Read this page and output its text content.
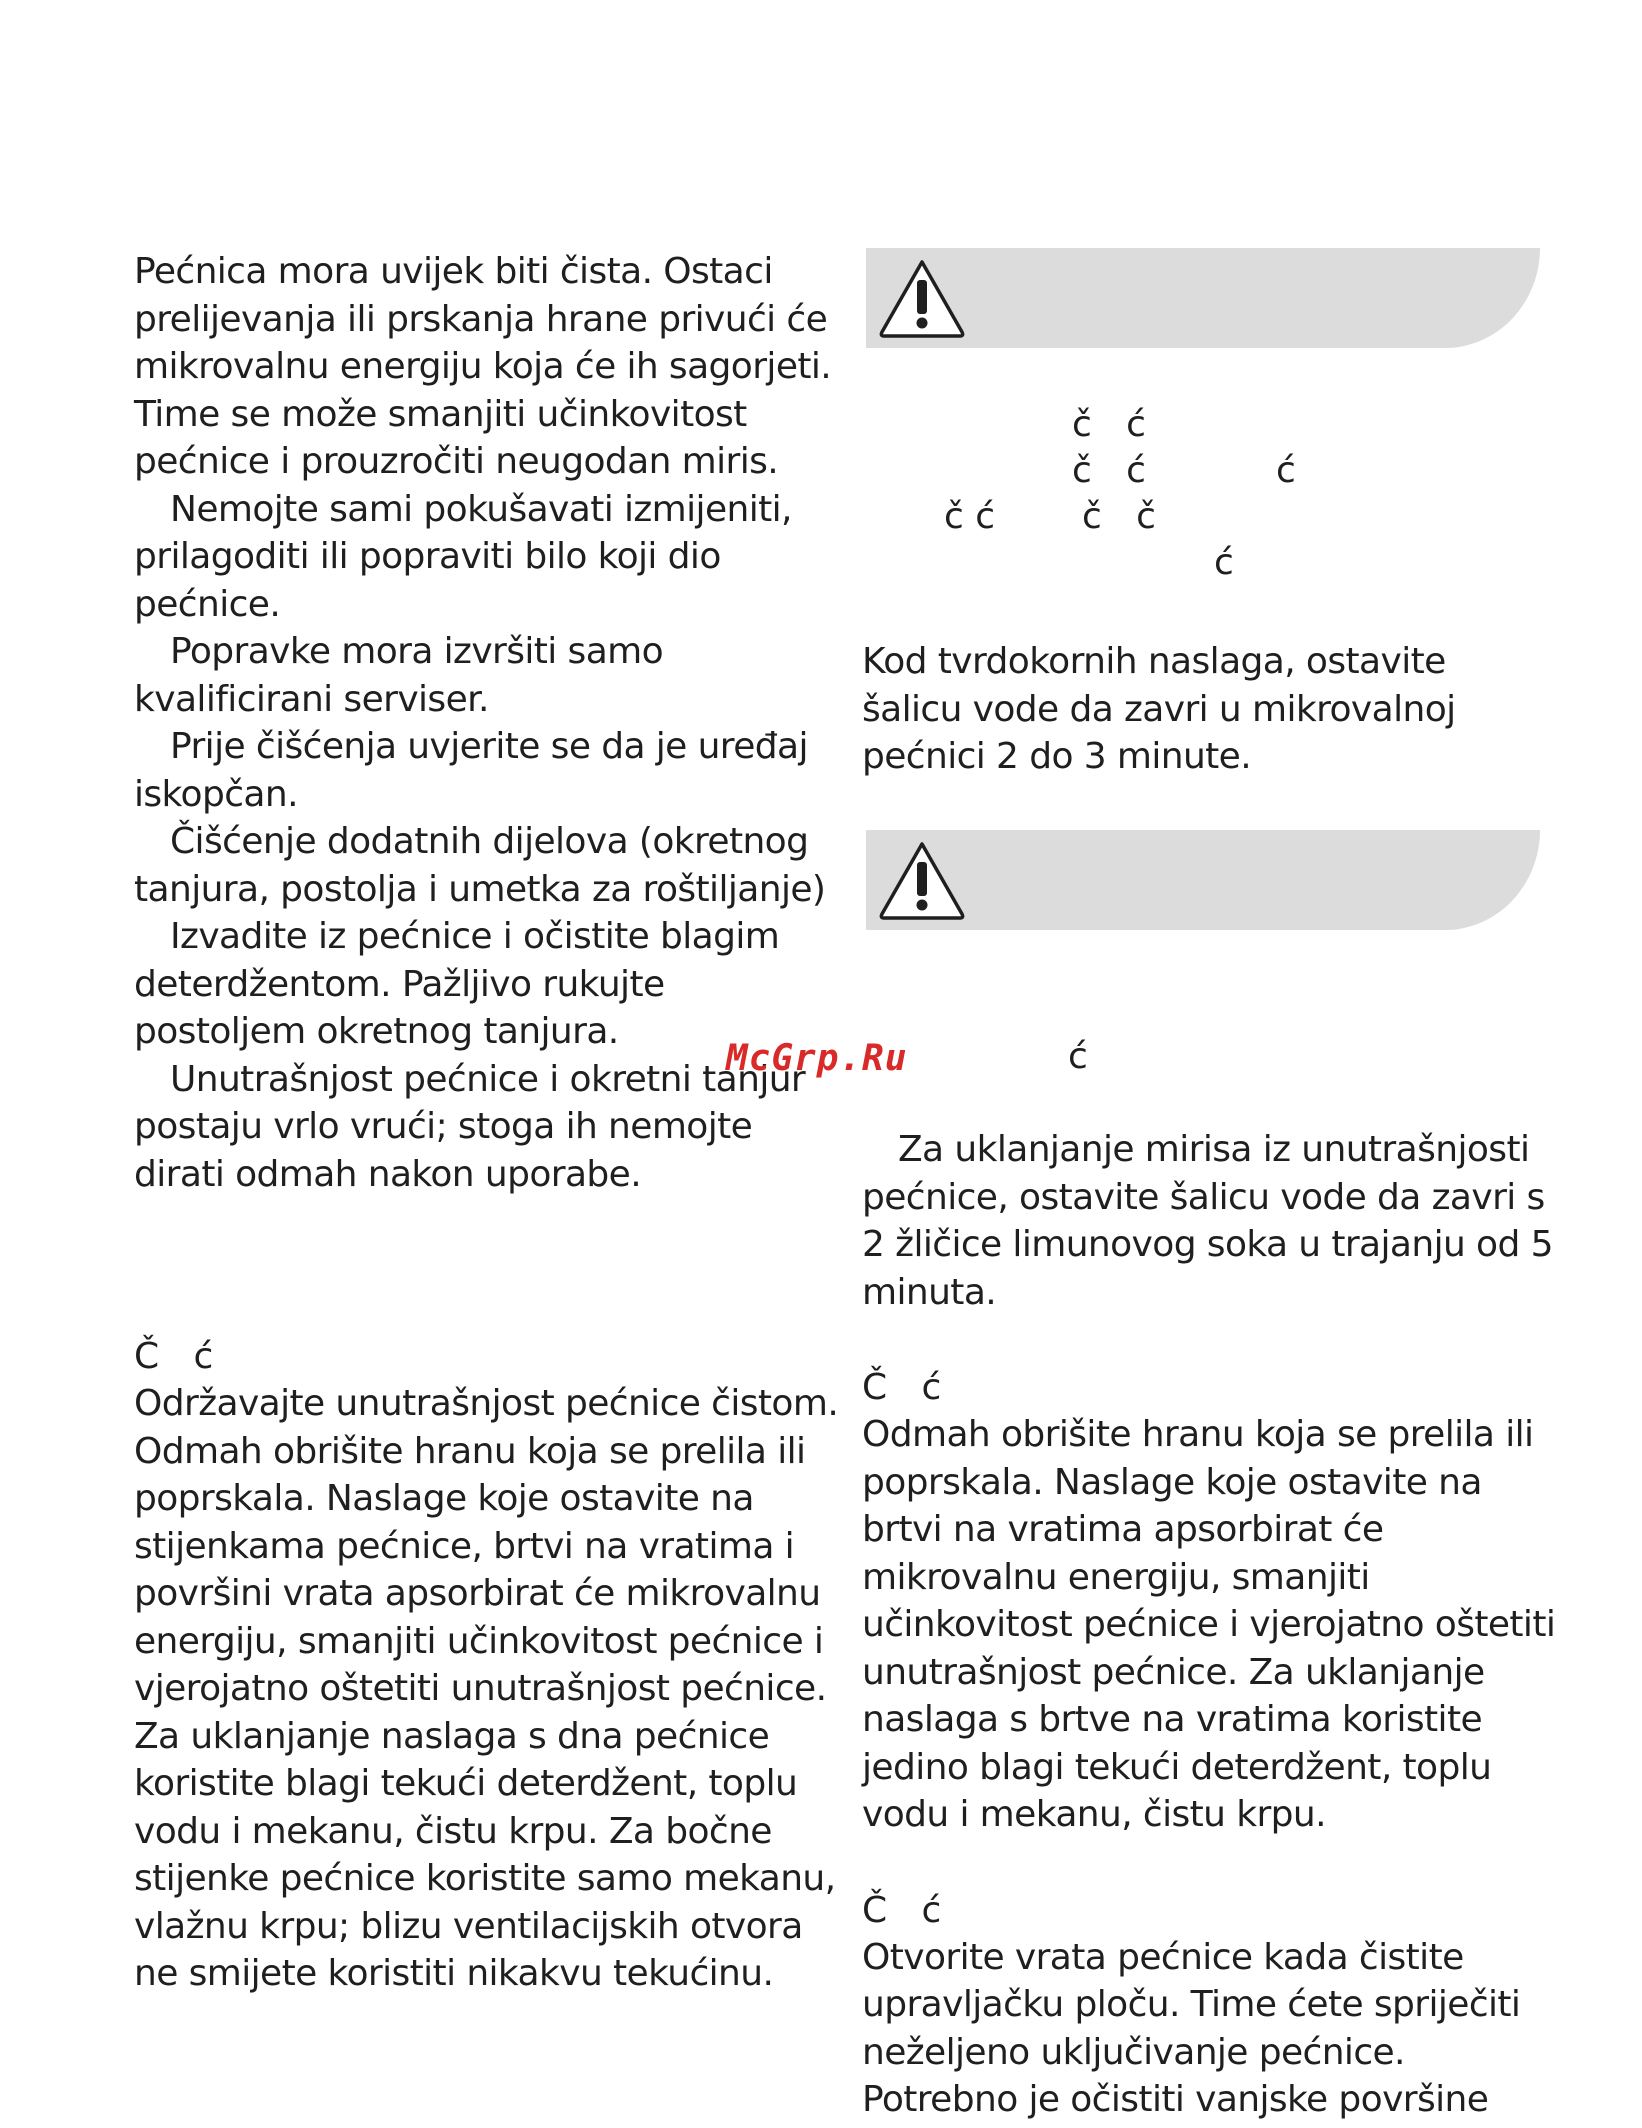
Pećnica mora uvijek biti čista. Ostaci

prelijevanja ili prskanja hrane privući će

mikrovalnu energiju koja će ih sagorjeti.

Time se može smanjiti učinkovitost

pećnice i prouzročiti neugodan miris.

Nemojte sami pokušavati izmijeniti,

prilagoditi ili popraviti bilo koji dio

pećnice.

Popravke mora izvršiti samo

kvalificirani serviser.

Prije čišćenja uvjerite se da je uređaj

iskopčan.

Čišćenje dodatnih dijelova (okretnog

tanjura, postolja i umetka za roštiljanje)

Izvadite iz pećnice i očistite blagim

deterdžentom. Pažljivo rukujte

postoljem okretnog tanjura.

Unutrašnjost pećnice i okretni tanjur

postaju vrlo vrući; stoga ih nemojte

dirati odmah nakon uporabe.

Č   ć

Održavajte unutrašnjost pećnice čistom.

Odmah obrišite hranu koja se prelila ili

poprskala. Naslage koje ostavite na

stijenkama pećnice, brtvi na vratima i

površini vrata apsorbirat će mikrovalnu

energiju, smanjiti učinkovitost pećnice i

vjerojatno oštetiti unutrašnjost pećnice.

Za uklanjanje naslaga s dna pećnice

koristite blagi tekući deterdžent, toplu

vodu i mekanu, čistu krpu. Za bočne

stijenke pećnice koristite samo mekanu,

vlažnu krpu; blizu ventilacijskih otvora

ne smijete koristiti nikakvu tekućinu.

č   ć
č   ć	ć
č ć č   č
ć

Kod tvrdokornih naslaga, ostavite

šalicu vode da zavri u mikrovalnoj

pećnici 2 do 3 minute.

ć

Za uklanjanje mirisa iz unutrašnjosti

pećnice, ostavite šalicu vode da zavri s

2 žličice limunovog soka u trajanju od 5

minuta.

Č   ć

Odmah obrišite hranu koja se prelila ili

poprskala. Naslage koje ostavite na

brtvi na vratima apsorbirat će

mikrovalnu energiju, smanjiti

učinkovitost pećnice i vjerojatno oštetiti

unutrašnjost pećnice. Za uklanjanje

naslaga s brtve na vratima koristite

jedino blagi tekući deterdžent, toplu

vodu i mekanu, čistu krpu.

Č   ć

Otvorite vrata pećnice kada čistite

upravljačku ploču. Time ćete spriječiti

neželjeno uključivanje pećnice.

Potrebno je očistiti vanjske površine

McGrp.Ru
